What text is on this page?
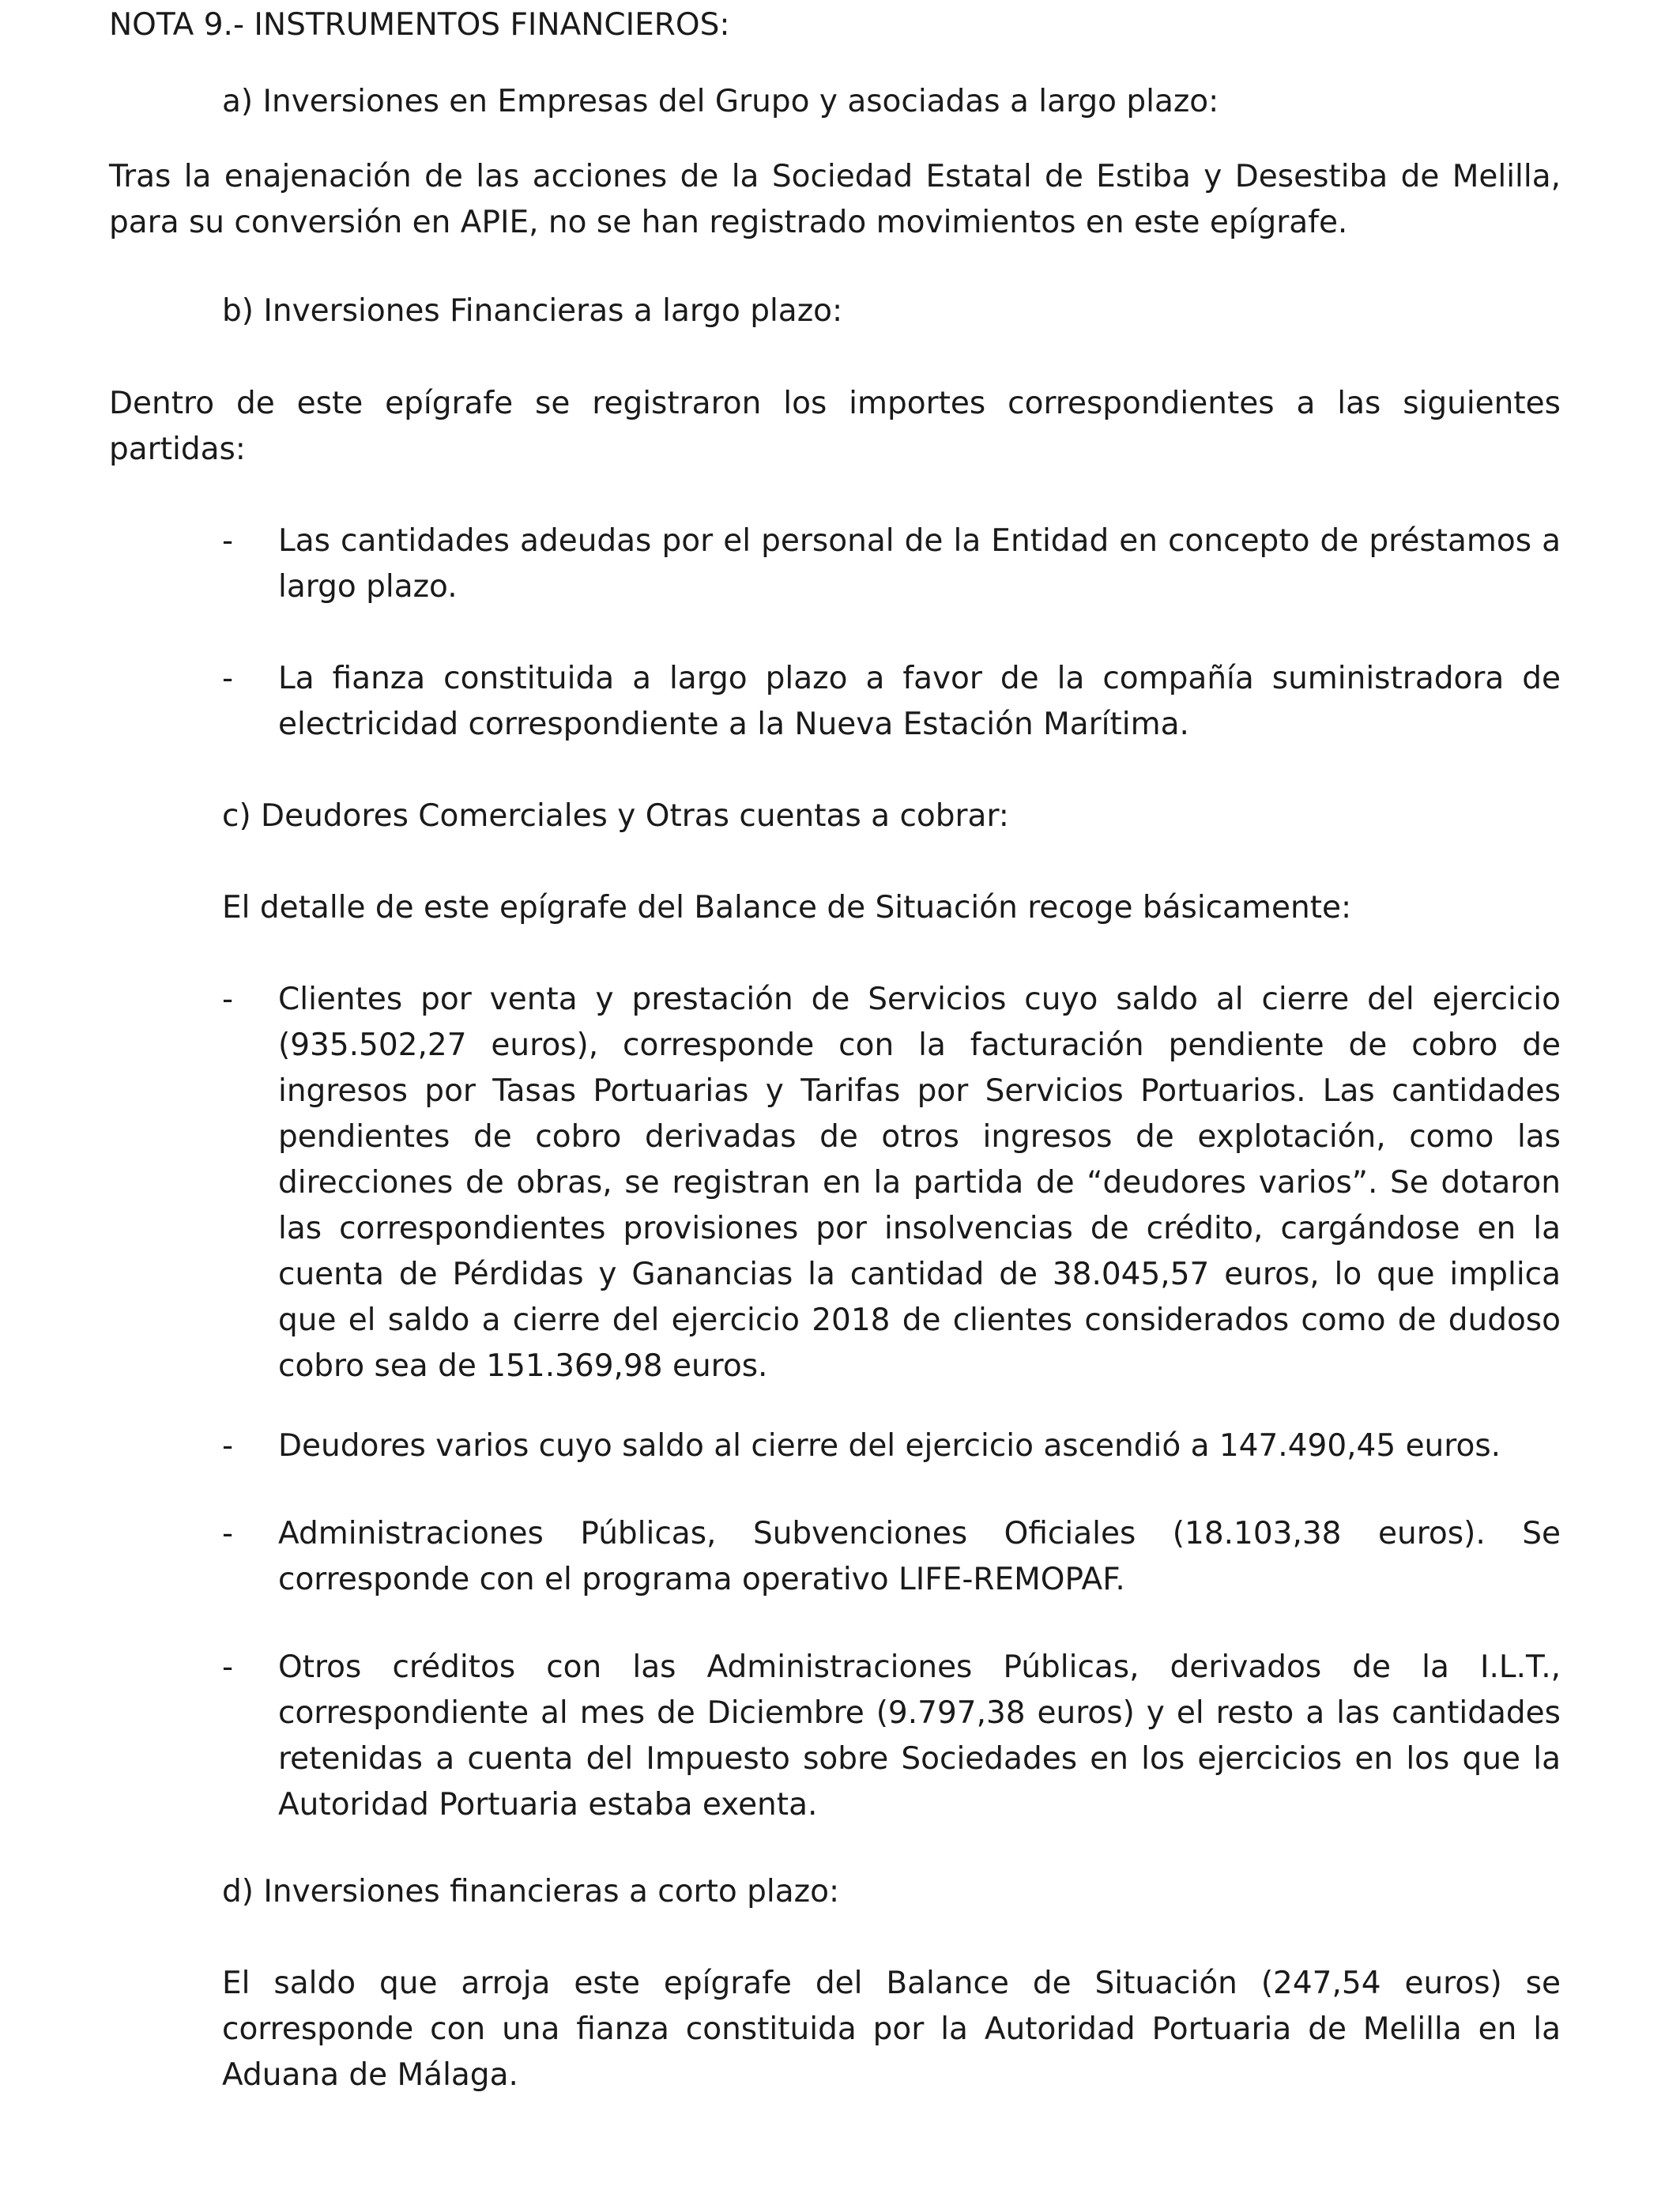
NOTA 9.- INSTRUMENTOS FINANCIEROS:
a) Inversiones en Empresas del Grupo y asociadas a largo plazo:

Tras la enajenación de las acciones de la Sociedad Estatal de Estiba y Desestiba de Melilla, para su conversión en APIE, no se han registrado movimientos en este epígrafe.

b) Inversiones Financieras a largo plazo:

Dentro de este epígrafe se registraron los importes correspondientes a las siguientes partidas:

- Las cantidades adeudas por el personal de la Entidad en concepto de préstamos a largo plazo.

- La fianza constituida a largo plazo a favor de la compañía suministradora de electricidad correspondiente a la Nueva Estación Marítima.

c) Deudores Comerciales y Otras cuentas a cobrar:
El detalle de este epígrafe del Balance de Situación recoge básicamente:
- Clientes por venta y prestación de Servicios cuyo saldo al cierre del ejercicio (935.502,27 euros), corresponde con la facturación pendiente de cobro de ingresos por Tasas Portuarias y Tarifas por Servicios Portuarios. Las cantidades pendientes de cobro derivadas de otros ingresos de explotación, como las direcciones de obras, se registran en la partida de “deudores varios”. Se dotaron las correspondientes provisiones por insolvencias de crédito, cargándose en la cuenta de Pérdidas y Ganancias la cantidad de 38.045,57 euros, lo que implica que el saldo a cierre del ejercicio 2018 de clientes considerados como de dudoso cobro sea de 151.369,98 euros.

- Deudores varios cuyo saldo al cierre del ejercicio ascendió a 147.490,45 euros.

- Administraciones Públicas, Subvenciones Oficiales (18.103,38 euros). Se corresponde con el programa operativo LIFE-REMOPAF.

- Otros créditos con las Administraciones Públicas, derivados de la I.L.T., correspondiente al mes de Diciembre (9.797,38 euros) y el resto a las cantidades retenidas a cuenta del Impuesto sobre Sociedades en los ejercicios en los que la Autoridad Portuaria estaba exenta.

d) Inversiones financieras a corto plazo:

El saldo que arroja este epígrafe del Balance de Situación (247,54 euros) se corresponde con una fianza constituida por la Autoridad Portuaria de Melilla en la Aduana de Málaga.
